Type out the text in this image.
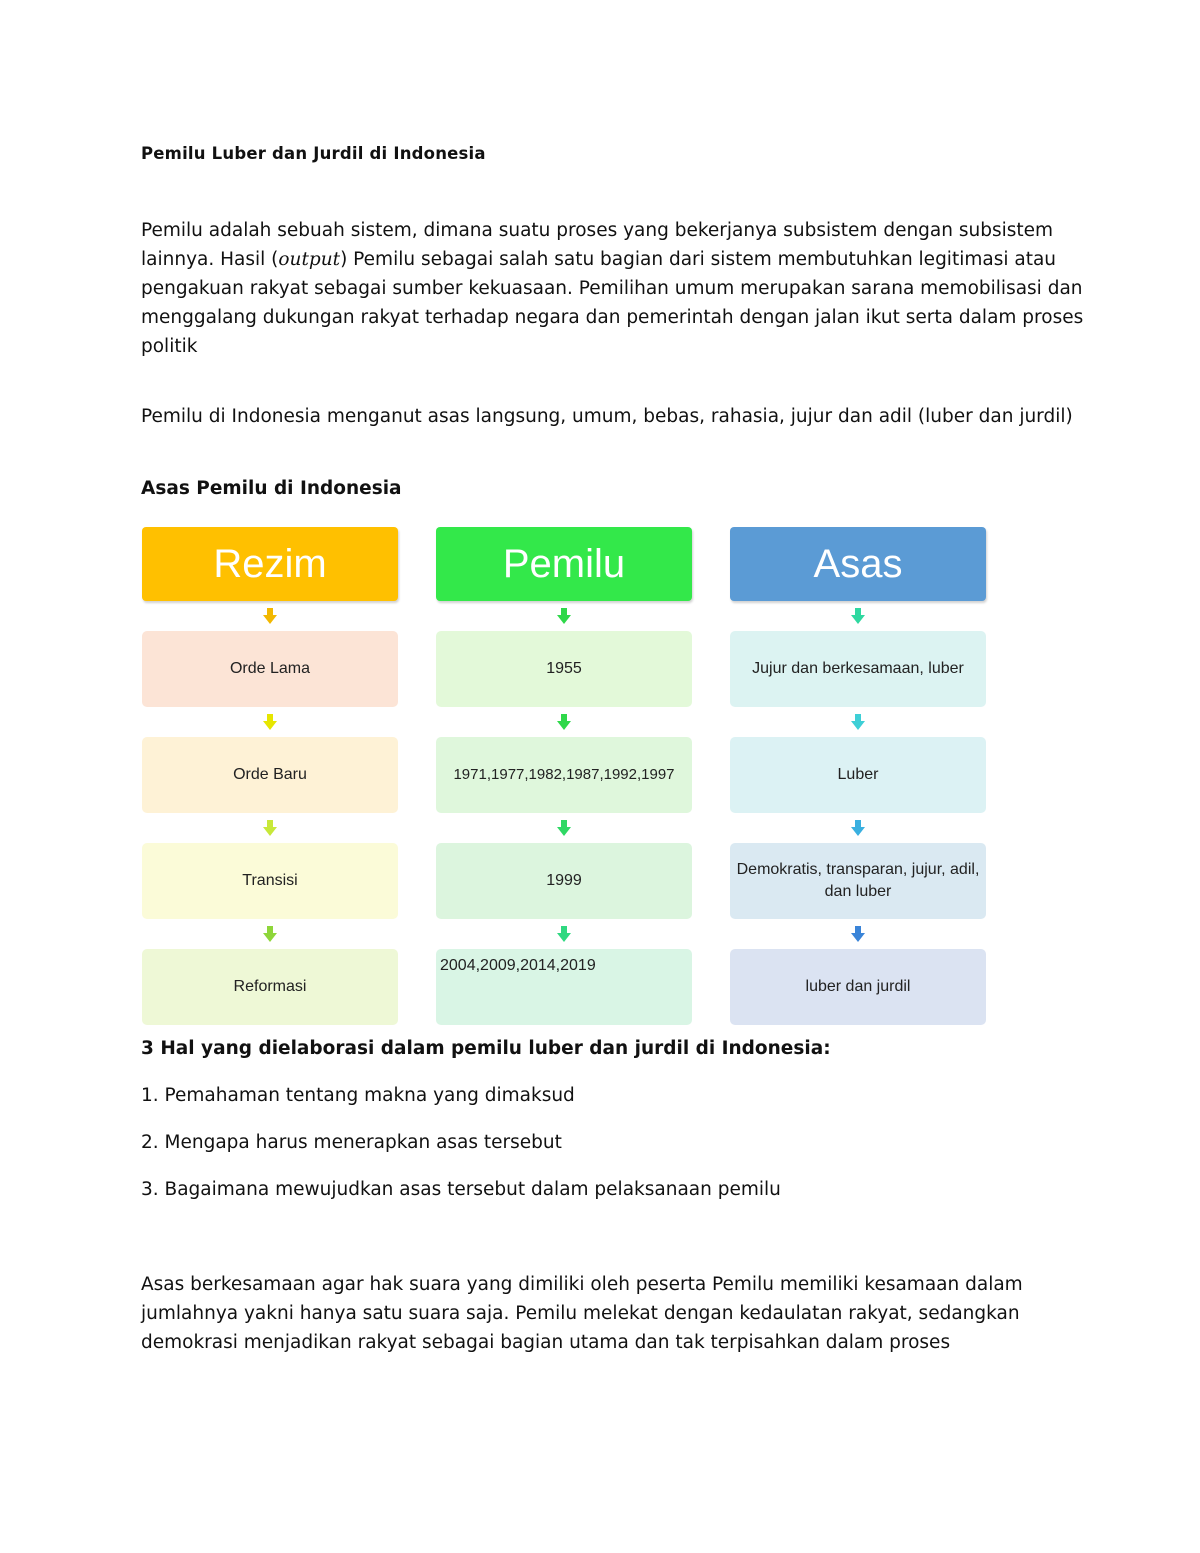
Pemilu Luber dan Jurdil di Indonesia
Pemilu adalah sebuah sistem, dimana suatu proses yang bekerjanya subsistem dengan subsistem lainnya. Hasil (output) Pemilu sebagai salah satu bagian dari sistem membutuhkan legitimasi atau pengakuan rakyat sebagai sumber kekuasaan. Pemilihan umum merupakan sarana memobilisasi dan menggalang dukungan rakyat terhadap negara dan pemerintah dengan jalan ikut serta dalam proses politik
Pemilu di Indonesia menganut asas langsung, umum, bebas, rahasia, jujur dan adil (luber dan jurdil)
Asas Pemilu di Indonesia
Rezim
Orde Lama
Orde Baru
Transisi
Reformasi
Pemilu
1955
1971,1977,1982,1987,1992,1997
1999
2004,2009,2014,2019
Asas
Jujur dan berkesamaan, luber
Luber
Demokratis, transparan, jujur, adil, dan luber
luber dan jurdil
3 Hal yang dielaborasi dalam pemilu luber dan jurdil di Indonesia:
1. Pemahaman tentang makna yang dimaksud
2. Mengapa harus menerapkan asas tersebut
3. Bagaimana mewujudkan asas tersebut dalam pelaksanaan pemilu
Asas berkesamaan agar hak suara yang dimiliki oleh peserta Pemilu memiliki kesamaan dalam jumlahnya yakni hanya satu suara saja. Pemilu melekat dengan kedaulatan rakyat, sedangkan demokrasi menjadikan rakyat sebagai bagian utama dan tak terpisahkan dalam proses
